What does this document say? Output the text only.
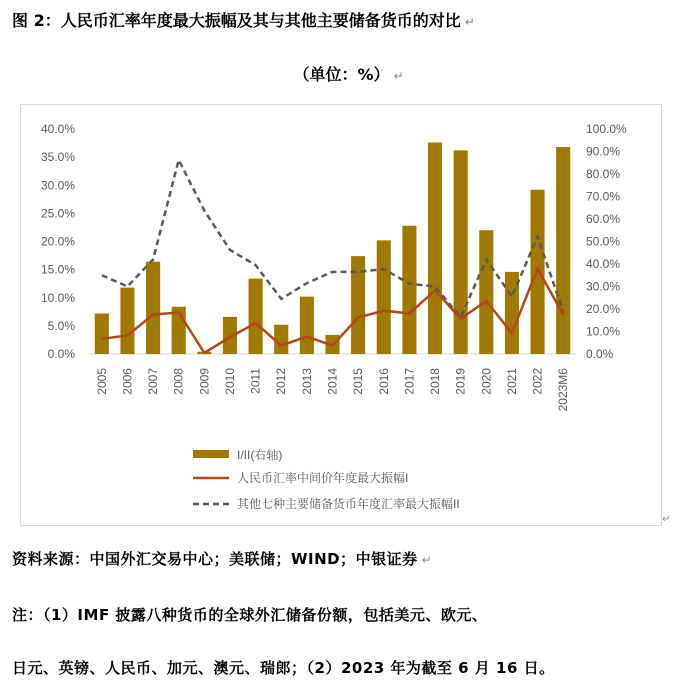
图 2：人民币汇率年度最大振幅及其与其他主要储备货币的对比 ↵
（单位：%） ↵
0.0%
5.0%
10.0%
15.0%
20.0%
25.0%
30.0%
35.0%
40.0%
0.0%
10.0%
20.0%
30.0%
40.0%
50.0%
60.0%
70.0%
80.0%
90.0%
100.0%
2005 2006 2007 2008 2009 2010 2011 2012 2013 2014 2015 2016 2017 2018 2019 2020 2021 2022 2023M6
I/II(右轴)
人民币汇率中间价年度最大振幅I
其他七种主要储备货币年度汇率最大振幅II
↵
资料来源：中国外汇交易中心；美联储；WIND；中银证券 ↵
注：（1）IMF 披露八种货币的全球外汇储备份额，包括美元、欧元、
日元、英镑、人民币、加元、澳元、瑞郎；（2）2023 年为截至 6 月 16 日。
